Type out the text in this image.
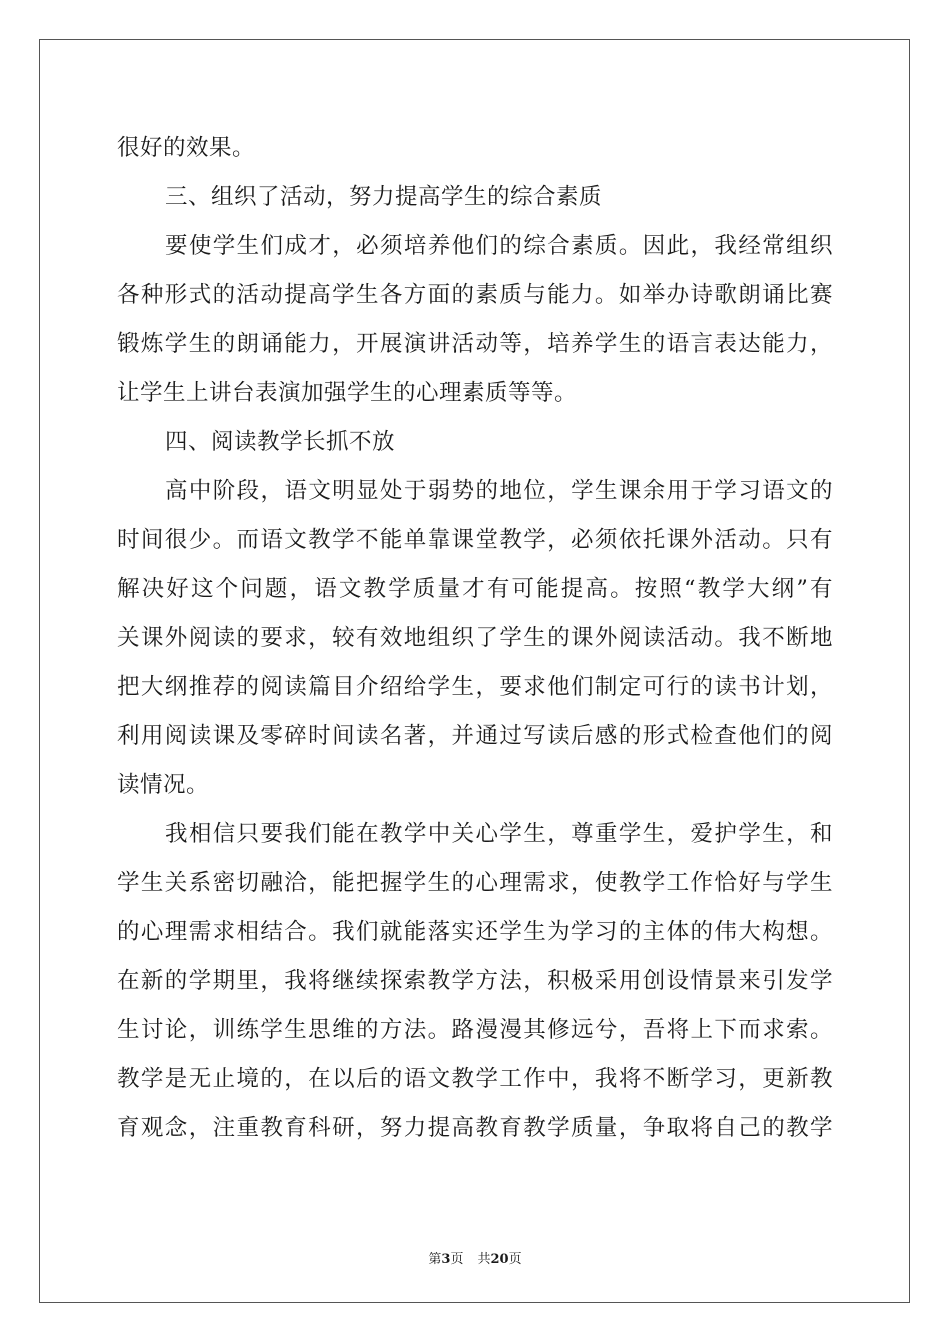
很好的效果。
三、组织了活动，努力提高学生的综合素质
要使学生们成才，必须培养他们的综合素质。因此，我经常组织
各种形式的活动提高学生各方面的素质与能力。如举办诗歌朗诵比赛
锻炼学生的朗诵能力，开展演讲活动等，培养学生的语言表达能力，
让学生上讲台表演加强学生的心理素质等等。
四、阅读教学长抓不放
高中阶段，语文明显处于弱势的地位，学生课余用于学习语文的
时间很少。而语文教学不能单靠课堂教学，必须依托课外活动。只有
解决好这个问题，语文教学质量才有可能提高。按照“教学大纲”有
关课外阅读的要求，较有效地组织了学生的课外阅读活动。我不断地
把大纲推荐的阅读篇目介绍给学生，要求他们制定可行的读书计划，
利用阅读课及零碎时间读名著，并通过写读后感的形式检查他们的阅
读情况。
我相信只要我们能在教学中关心学生，尊重学生，爱护学生，和
学生关系密切融洽，能把握学生的心理需求，使教学工作恰好与学生
的心理需求相结合。我们就能落实还学生为学习的主体的伟大构想。
在新的学期里，我将继续探索教学方法，积极采用创设情景来引发学
生讨论，训练学生思维的方法。路漫漫其修远兮，吾将上下而求索。
教学是无止境的，在以后的语文教学工作中，我将不断学习，更新教
育观念，注重教育科研，努力提高教育教学质量，争取将自己的教学
第3页 共20页
